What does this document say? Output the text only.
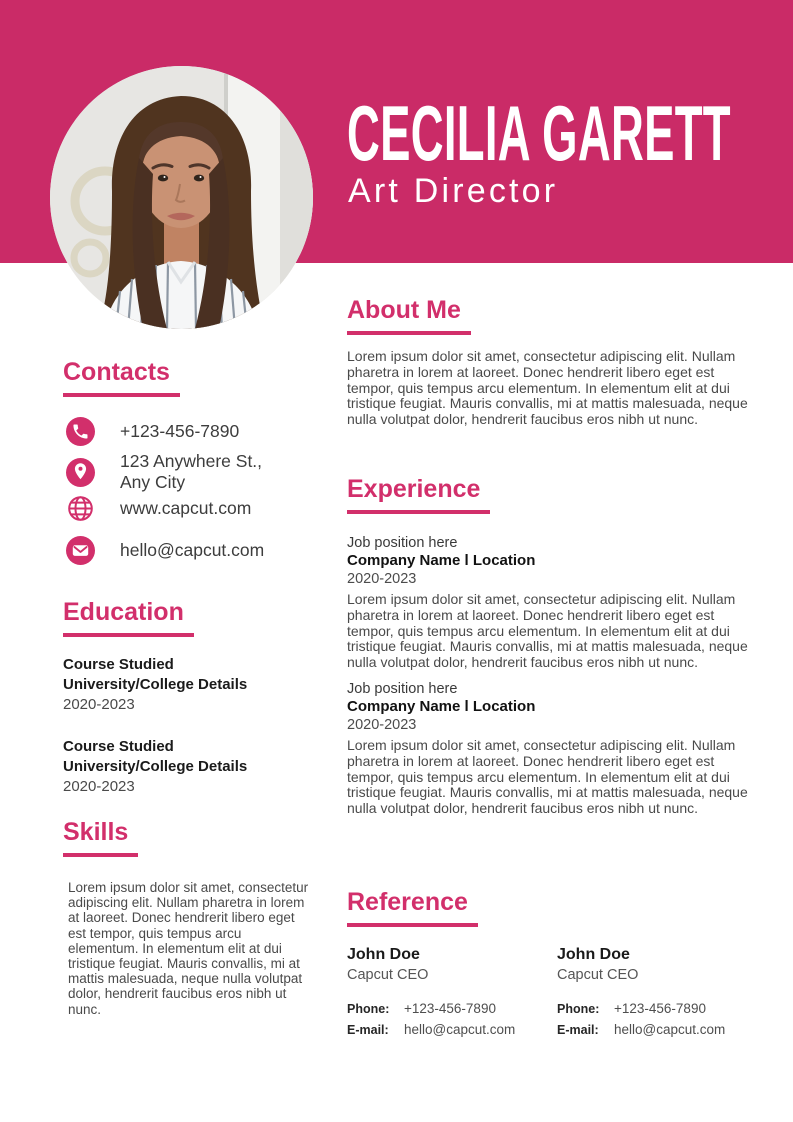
CECILIA GARETT
Art Director
Contacts
+123-456-7890
123 Anywhere St.,
Any City
www.capcut.com
hello@capcut.com
Education
Course Studied
University/College Details
2020-2023
Course Studied
University/College Details
2020-2023
Skills

Lorem ipsum dolor sit amet, consectetur adipiscing elit. Nullam pharetra in lorem at laoreet. Donec hendrerit libero eget est tempor, quis tempus arcu elementum. In elementum elit at dui tristique feugiat. Mauris convallis, mi at mattis malesuada, neque nulla volutpat dolor, hendrerit faucibus eros nibh ut nunc.

About Me

Lorem ipsum dolor sit amet, consectetur adipiscing elit. Nullam pharetra in lorem at laoreet. Donec hendrerit libero eget est tempor, quis tempus arcu elementum. In elementum elit at dui tristique feugiat. Mauris convallis, mi at mattis malesuada, neque nulla volutpat dolor, hendrerit faucibus eros nibh ut nunc.

Experience
Job position here
Company Name l Location
2020-2023
Lorem ipsum dolor sit amet, consectetur adipiscing elit. Nullam pharetra in lorem at laoreet. Donec hendrerit libero eget est tempor, quis tempus arcu elementum. In elementum elit at dui tristique feugiat. Mauris convallis, mi at mattis malesuada, neque nulla volutpat dolor, hendrerit faucibus eros nibh ut nunc.
Job position here
Company Name l Location
2020-2023
Lorem ipsum dolor sit amet, consectetur adipiscing elit. Nullam pharetra in lorem at laoreet. Donec hendrerit libero eget est tempor, quis tempus arcu elementum. In elementum elit at dui tristique feugiat. Mauris convallis, mi at mattis malesuada, neque nulla volutpat dolor, hendrerit faucibus eros nibh ut nunc.
Reference
John Doe
Capcut CEO
Phone:	+123-456-7890
E-mail:	hello@capcut.com
John Doe
Capcut CEO
Phone:	+123-456-7890
E-mail:	hello@capcut.com
